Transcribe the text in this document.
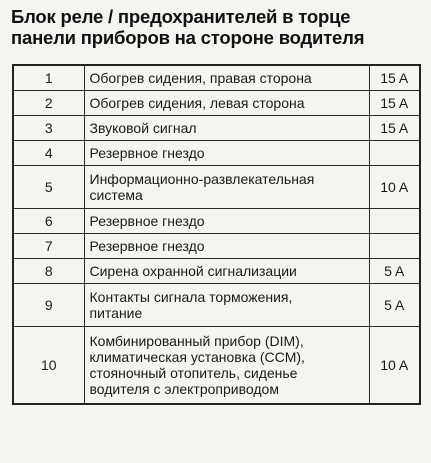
Блок реле / предохранителей в торце
панели приборов на стороне водителя
1	Обогрев сидения, правая сторона	15 A
2	Обогрев сидения, левая сторона	15 A
3	Звуковой сигнал	15 A
4	Резервное гнездо	

5	Информационно-развлекательная
система	10 A
6	Резервное гнездо	

7	Резервное гнездо	

8	Сирена охранной сигнализации	5 A
9	Контакты сигнала торможения,
питание	5 A
10	Комбинированный прибор (DIM),
климатическая установка (CCM),
стояночный отопитель, сиденье
водителя с электроприводом	10 A
